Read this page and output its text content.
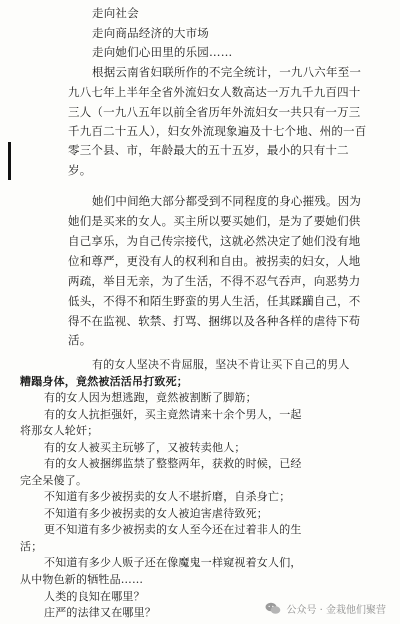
走向社会
走向商品经济的大市场
走向她们心田里的乐园……
根据云南省妇联所作的不完全统计，一九八六年至一
九八七年上半年全省外流妇女人数高达一万九千九百四十
三人（一九八五年以前全省历年外流妇女一共只有一万三
千九百二十五人），妇女外流现象遍及十七个地、州的一百
零三个县、市，年龄最大的五十五岁，最小的只有十二
岁。
她们中间绝大部分都受到不同程度的身心摧残。因为
她们是买来的女人。买主所以要买她们，是为了要她们供
自己享乐，为自己传宗接代，这就必然决定了她们没有地
位和尊严，更没有人的权利和自由。被拐卖的妇女，人地
两疏，举目无亲，为了生活，不得不忍气吞声，向恶势力
低头，不得不和陌生野蛮的男人生活，任其蹂躏自己，不
得不在监视、软禁、打骂、捆绑以及各种各样的虐待下苟
活。
有的女人坚决不肯屈服，坚决不肯让买下自己的男人
糟蹋身体，竟然被活活吊打致死；
有的女人因为想逃跑，竟然被割断了脚筋；
有的女人抗拒强奸，买主竟然请来十余个男人，一起
将那女人轮奸；
有的女人被买主玩够了，又被转卖他人；
有的女人被捆绑监禁了整整两年，获救的时候，已经
完全呆傻了。
不知道有多少被拐卖的女人不堪折磨，自杀身亡；
不知道有多少被拐卖的女人被迫害虐待致死；
更不知道有多少被拐卖的女人至今还在过着非人的生
活；
不知道有多少人贩子还在像魔鬼一样窥视着女人们，
从中物色新的牺牲品……
公众号 · 金栽他们聚营
人类的良知在哪里？
庄严的法律又在哪里？
